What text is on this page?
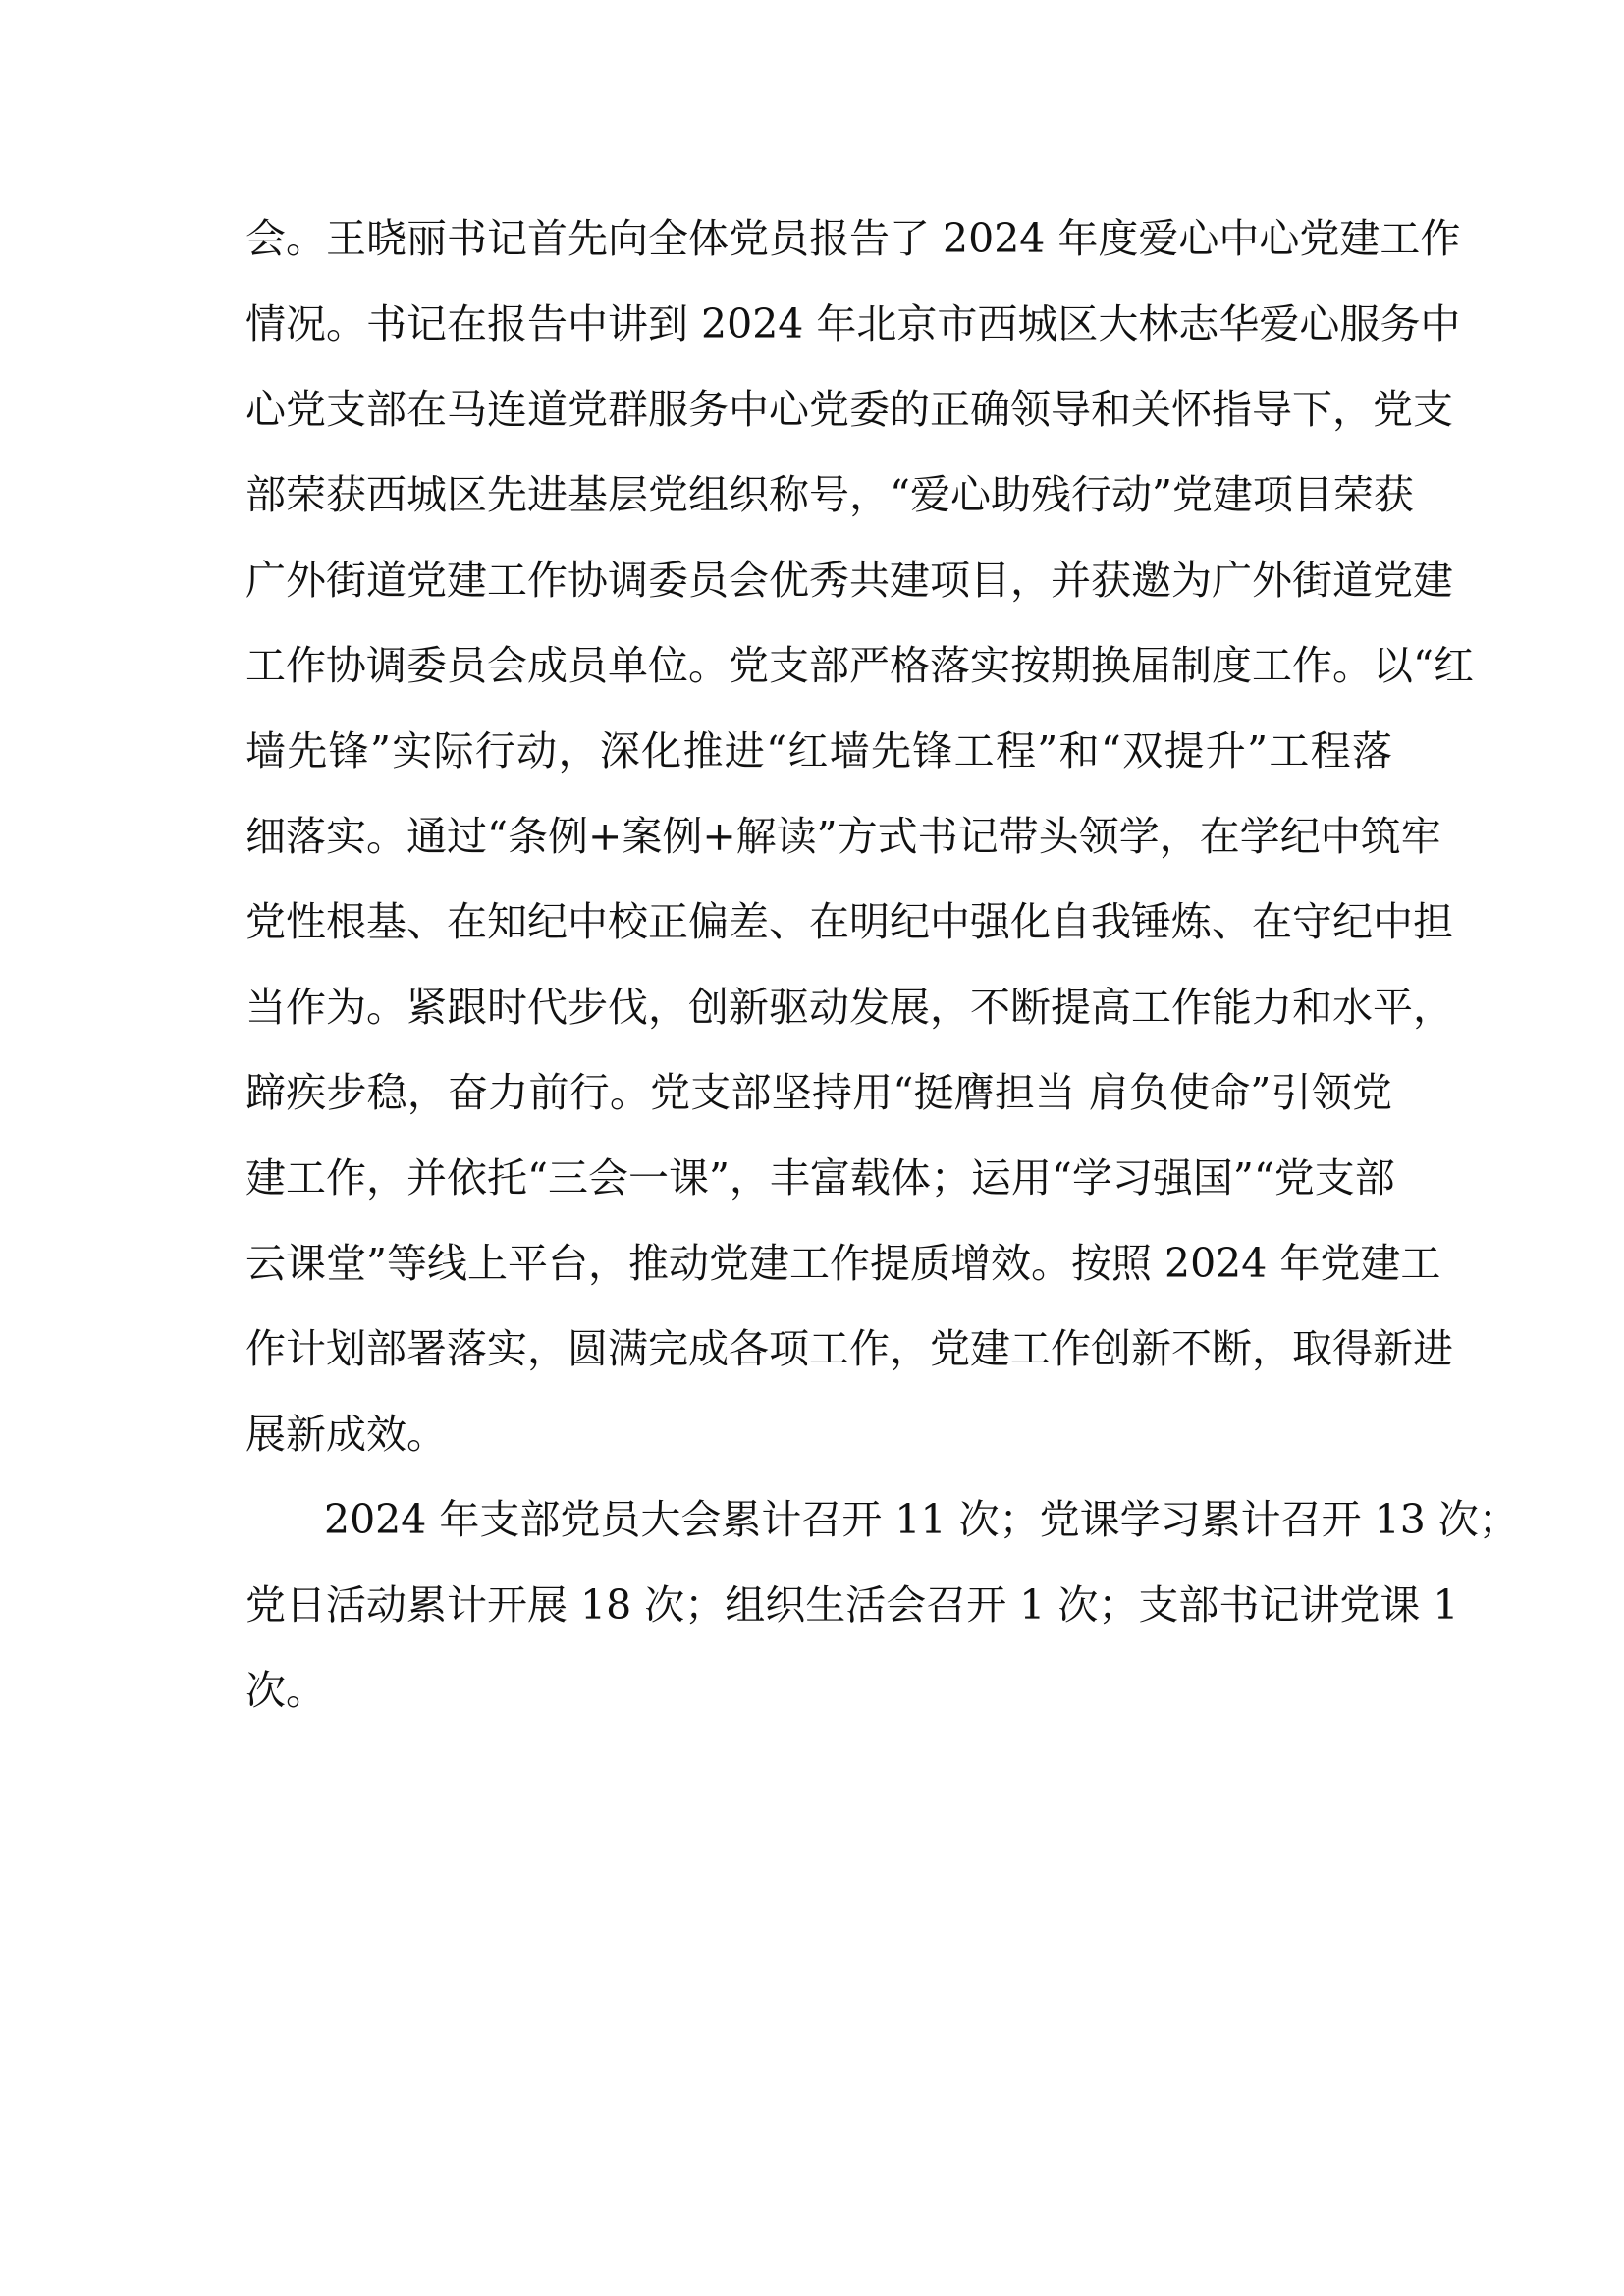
会。王晓丽书记首先向全体党员报告了 2024 年度爱心中心党建工作
情况。书记在报告中讲到 2024 年北京市西城区大林志华爱心服务中
心党支部在马连道党群服务中心党委的正确领导和关怀指导下，党支
部荣获西城区先进基层党组织称号，“爱心助残行动”党建项目荣获
广外街道党建工作协调委员会优秀共建项目，并获邀为广外街道党建
工作协调委员会成员单位。党支部严格落实按期换届制度工作。以“红
墙先锋”实际行动，深化推进“红墙先锋工程”和“双提升”工程落
细落实。通过“条例+案例+解读”方式书记带头领学，在学纪中筑牢
党性根基、在知纪中校正偏差、在明纪中强化自我锤炼、在守纪中担
当作为。紧跟时代步伐，创新驱动发展，不断提高工作能力和水平，
蹄疾步稳，奋力前行。党支部坚持用“挺膺担当 肩负使命”引领党
建工作，并依托“三会一课”，丰富载体；运用“学习强国”“党支部
云课堂”等线上平台，推动党建工作提质增效。按照 2024 年党建工
作计划部署落实，圆满完成各项工作，党建工作创新不断，取得新进
展新成效。
2024 年支部党员大会累计召开 11 次；党课学习累计召开 13 次；
党日活动累计开展 18 次；组织生活会召开 1 次；支部书记讲党课 1
次。
